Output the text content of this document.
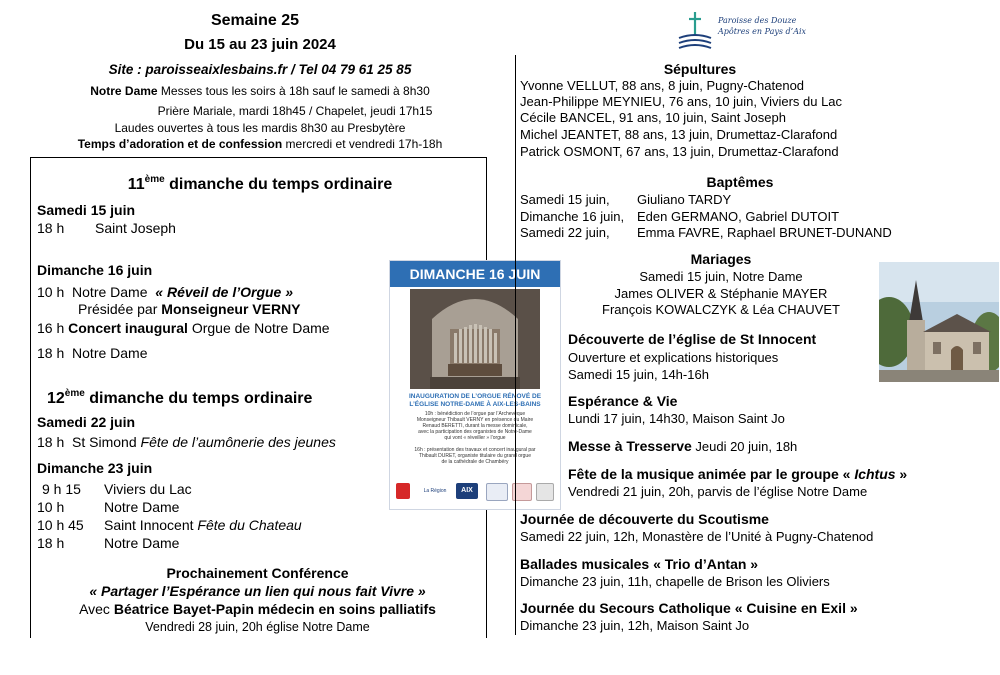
Semaine 25
Du 15 au 23 juin 2024
Site : paroisseaixlesbains.fr / Tel 04 79 61 25 85
Notre Dame Messes tous les soirs à 18h sauf le samedi à 8h30
Prière Mariale, mardi 18h45 / Chapelet, jeudi 17h15
Laudes ouvertes à tous les mardis 8h30 au Presbytère
Temps d’adoration et de confession mercredi et vendredi 17h-18h
Paroisse des Douze
Apôtres en Pays d’Aix
11ème dimanche du temps ordinaire
Samedi 15 juin
18 h Saint Joseph
Dimanche 16 juin
10 h Notre Dame « Réveil de l’Orgue »
Présidée par Monseigneur VERNY
16 h Concert inaugural Orgue de Notre Dame
18 h Notre Dame
12ème dimanche du temps ordinaire
Samedi 22 juin
18 h St Simond Fête de l’aumônerie des jeunes
Dimanche 23 juin
9 h 15 Viviers du Lac
10 h	Notre Dame
10 h 45 Saint Innocent Fête du Chateau
18 h	Notre Dame
Prochainement Conférence
« Partager l’Espérance un lien qui nous fait Vivre »
Avec Béatrice Bayet-Papin médecin en soins palliatifs
Vendredi 28 juin, 20h église Notre Dame
DIMANCHE 16 JUIN
INAUGURATION DE L’ORGUE RÉNOVÉ DE
L’ÉGLISE NOTRE-DAME À AIX-LES-BAINS
10h : bénédiction de l’orgue par l’Archevêque
Monseigneur Thibault VERNY en présence du Maire
Renaud BERETTI, durant la messe dominicale,
avec la participation des organistes de Notre-Dame
qui vont « réveiller » l’orgue
16h : présentation des travaux et concert inaugural par
Thibault DURET, organiste titulaire du grand orgue
de la cathédrale de Chambéry
La Région	AIX
Sépultures
Yvonne VELLUT, 88 ans, 8 juin, Pugny-Chatenod
Jean-Philippe MEYNIEU, 76 ans, 10 juin, Viviers du Lac
Cécile BANCEL, 91 ans, 10 juin, Saint Joseph
Michel JEANTET, 88 ans, 13 juin, Drumettaz-Clarafond
Patrick OSMONT, 67 ans, 13 juin, Drumettaz-Clarafond
Baptêmes
Samedi 15 juin, Giuliano TARDY
Dimanche 16 juin, Eden GERMANO, Gabriel DUTOIT
Samedi 22 juin, Emma FAVRE, Raphael BRUNET-DUNAND
Mariages
Samedi 15 juin, Notre Dame
James OLIVER & Stéphanie MAYER
François KOWALCZYK & Léa CHAUVET
Découverte de l’église de St Innocent
Ouverture et explications historiques
Samedi 15 juin, 14h-16h
Espérance & Vie
Lundi 17 juin, 14h30, Maison Saint Jo
Messe à Tresserve Jeudi 20 juin, 18h
Fête de la musique animée par le groupe « Ichtus »
Vendredi 21 juin, 20h, parvis de l’église Notre Dame
Journée de découverte du Scoutisme
Samedi 22 juin, 12h, Monastère de l’Unité à Pugny-Chatenod
Ballades musicales « Trio d’Antan »
Dimanche 23 juin, 11h, chapelle de Brison les Oliviers
Journée du Secours Catholique « Cuisine en Exil »
Dimanche 23 juin, 12h, Maison Saint Jo
